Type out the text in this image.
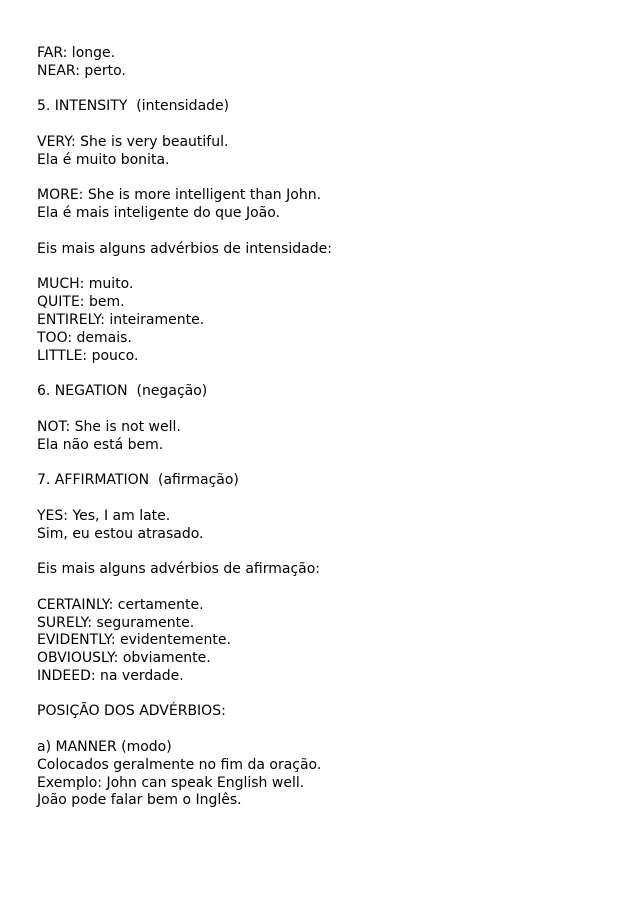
FAR: longe.
NEAR: perto.
5. INTENSITY  (intensidade)
VERY: She is very beautiful.
Ela é muito bonita.
MORE: She is more intelligent than John.
Ela é mais inteligente do que João.
Eis mais alguns advérbios de intensidade:
MUCH: muito.
QUITE: bem.
ENTIRELY: inteiramente.
TOO: demais.
LITTLE: pouco.
6. NEGATION  (negação)
NOT: She is not well.
Ela não está bem.
7. AFFIRMATION  (afirmação)
YES: Yes, I am late.
Sim, eu estou atrasado.
Eis mais alguns advérbios de afirmação:
CERTAINLY: certamente.
SURELY: seguramente.
EVIDENTLY: evidentemente.
OBVIOUSLY: obviamente.
INDEED: na verdade.
POSIÇÃO DOS ADVÉRBIOS:
a) MANNER (modo)
Colocados geralmente no fim da oração.
Exemplo: John can speak English well.
João pode falar bem o Inglês.
